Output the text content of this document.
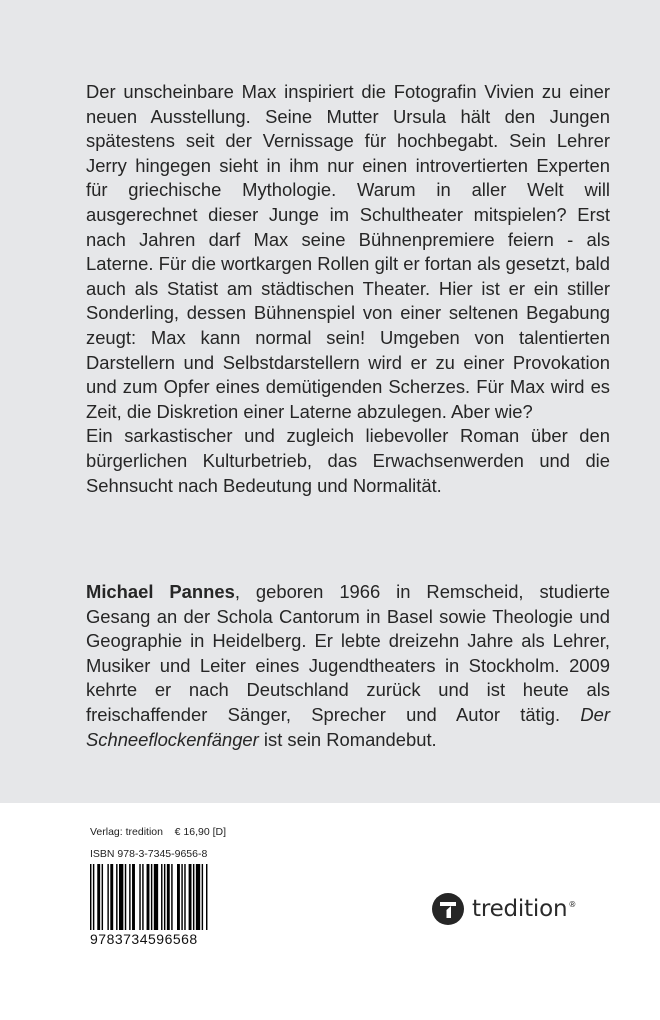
Der unscheinbare Max inspiriert die Fotografin Vivien zu einer neuen Ausstellung. Seine Mutter Ursula hält den Jungen spätestens seit der Vernissage für hochbegabt. Sein Lehrer Jerry hingegen sieht in ihm nur einen introvertierten Experten für griechische Mythologie. Warum in aller Welt will ausgerechnet dieser Junge im Schultheater mitspielen? Erst nach Jahren darf Max seine Bühnenpremiere feiern - als Laterne. Für die wortkargen Rollen gilt er fortan als gesetzt, bald auch als Statist am städtischen Theater. Hier ist er ein stiller Sonderling, dessen Bühnenspiel von einer seltenen Begabung zeugt: Max kann normal sein! Umgeben von talentierten Darstellern und Selbstdarstellern wird er zu einer Provokation und zum Opfer eines demütigenden Scherzes. Für Max wird es Zeit, die Diskretion einer Laterne abzulegen. Aber wie?

Ein sarkastischer und zugleich liebevoller Roman über den bürgerlichen Kulturbetrieb, das Erwachsenwerden und die Sehnsucht nach Bedeutung und Normalität.

Michael Pannes, geboren 1966 in Remscheid, studierte Gesang an der Schola Cantorum in Basel sowie Theologie und Geographie in Heidelberg. Er lebte dreizehn Jahre als Lehrer, Musiker und Leiter eines Jugendtheaters in Stockholm. 2009 kehrte er nach Deutschland zurück und ist heute als freischaffender Sänger, Sprecher und Autor tätig. Der Schneeflockenfänger ist sein Romandebut.

Verlag: tredition    € 16,90 [D]
ISBN 978-3-7345-9656-8
9783734596568
tredition®
